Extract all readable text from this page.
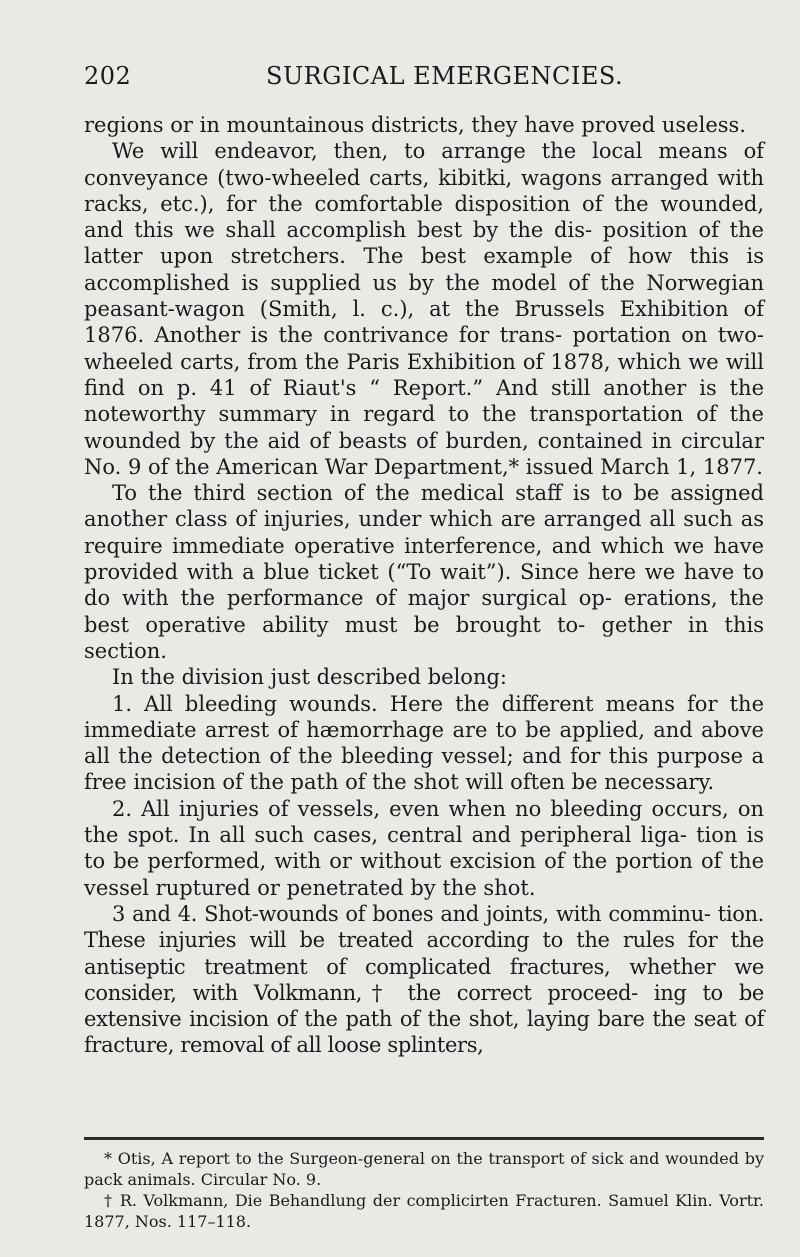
202	SURGICAL EMERGENCIES.

regions or in mountainous districts, they have proved useless.

We will endeavor, then, to arrange the local means of conveyance (two-wheeled carts, kibitki, wagons arranged with racks, etc.), for the comfortable disposition of the wounded, and this we shall accomplish best by the dis- position of the latter upon stretchers. The best example of how this is accomplished is supplied us by the model of the Norwegian peasant-wagon (Smith, l. c.), at the Brussels Exhibition of 1876. Another is the contrivance for trans- portation on two-wheeled carts, from the Paris Exhibition of 1878, which we will find on p. 41 of Riaut's “ Report.” And still another is the noteworthy summary in regard to the transportation of the wounded by the aid of beasts of burden, contained in circular No. 9 of the American War Department,* issued March 1, 1877.

To the third section of the medical staff is to be assigned another class of injuries, under which are arranged all such as require immediate operative interference, and which we have provided with a blue ticket (“To wait”). Since here we have to do with the performance of major surgical op- erations, the best operative ability must be brought to- gether in this section.

In the division just described belong:

1. All bleeding wounds. Here the different means for the immediate arrest of hæmorrhage are to be applied, and above all the detection of the bleeding vessel; and for this purpose a free incision of the path of the shot will often be necessary.

2. All injuries of vessels, even when no bleeding occurs, on the spot. In all such cases, central and peripheral liga- tion is to be performed, with or without excision of the portion of the vessel ruptured or penetrated by the shot.

3 and 4. Shot-wounds of bones and joints, with comminu- tion. These injuries will be treated according to the rules for the antiseptic treatment of complicated fractures, whether we consider, with Volkmann,† the correct proceed- ing to be extensive incision of the path of the shot, laying bare the seat of fracture, removal of all loose splinters,

* Otis, A report to the Surgeon-general on the transport of sick and wounded by pack animals. Circular No. 9.

† R. Volkmann, Die Behandlung der complicirten Fracturen. Samuel Klin. Vortr. 1877, Nos. 117–118.
